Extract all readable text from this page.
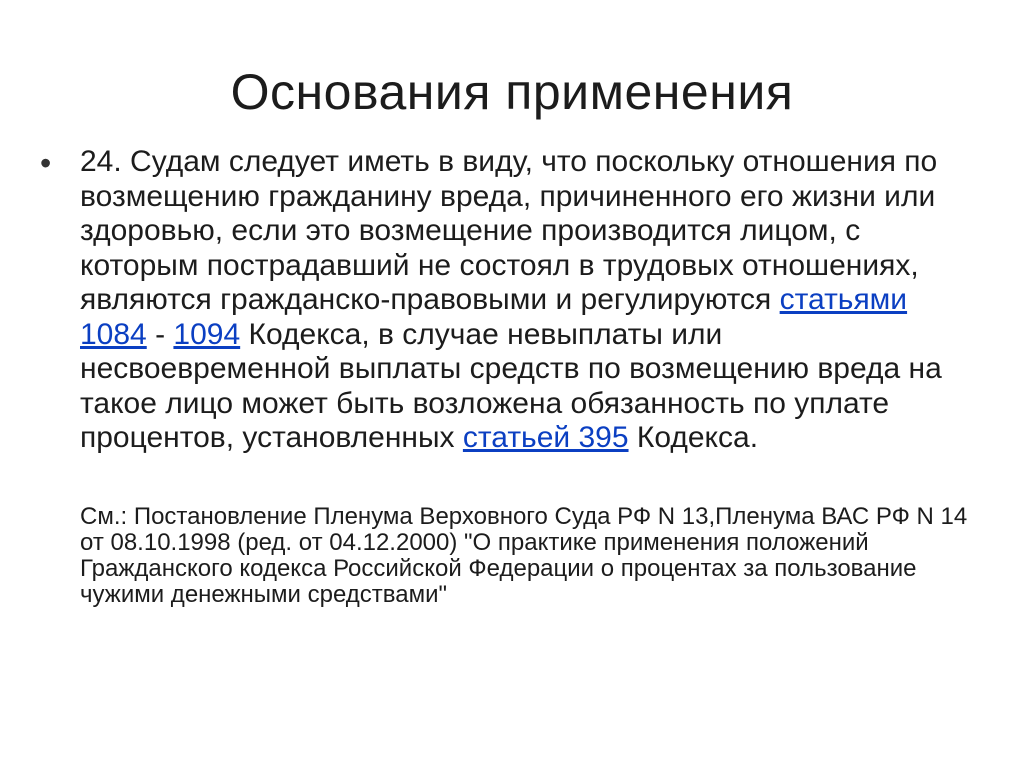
Основания применения
• 24. Судам следует иметь в виду, что поскольку отношения по возмещению гражданину вреда, причиненного его жизни или здоровью, если это возмещение производится лицом, с которым пострадавший не состоял в трудовых отношениях, являются гражданско-правовыми и регулируются статьями 1084 - 1094 Кодекса, в случае невыплаты или несвоевременной выплаты средств по возмещению вреда на такое лицо может быть возложена обязанность по уплате процентов, установленных статьей 395 Кодекса.
См.: Постановление Пленума Верховного Суда РФ N 13,Пленума ВАС РФ N 14 от 08.10.1998 (ред. от 04.12.2000) "О практике применения положений Гражданского кодекса Российской Федерации о процентах за пользование чужими денежными средствами"
